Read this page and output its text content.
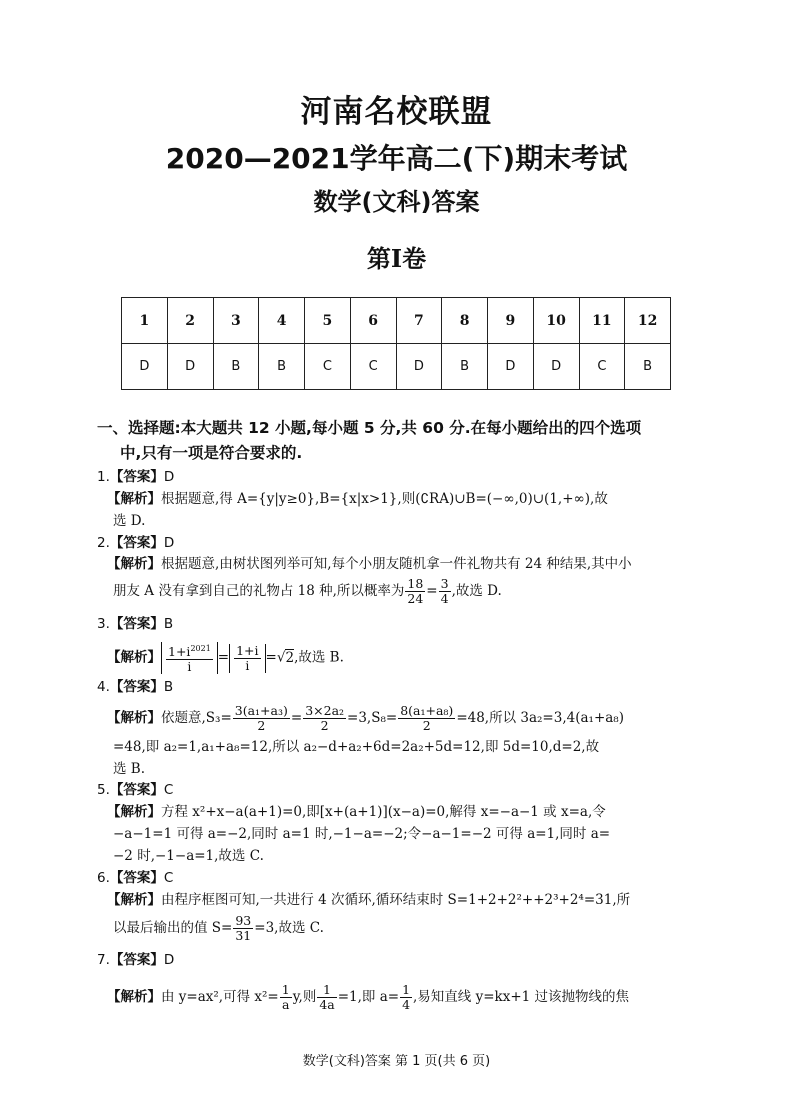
河南名校联盟
2020—2021学年高二(下)期末考试
数学(文科)答案
第I卷
1	2	3	4	5	6	7	8	9	10	11	12
D	D	B	B	C	C	D	B	D	D	C	B
一、选择题:本大题共 12 小题,每小题 5 分,共 60 分.在每小题给出的四个选项
中,只有一项是符合要求的.
1.【答案】D
【解析】根据题意,得 A={y|y≥0},B={x|x>1},则(∁RA)∪B=(−∞,0)∪(1,+∞),故
选 D.
2.【答案】D
【解析】根据题意,由树状图列举可知,每个小朋友随机拿一件礼物共有 24 种结果,其中小
朋友 A 没有拿到自己的礼物占 18 种,所以概率为 $\frac{18}{24} = \frac{3}{4}$ ,故选 D.
3.【答案】B
【解析】 $\frac{1+i^{2021}}{i} = \frac{1+i}{i} =√2$,故选 B.
4.【答案】B
【解析】依题意$,S_3= \frac{\text{3(a₁+a₃)}}{2} = \frac{\text{3×2a₂}}{2} =3,S_8= \frac{\text{8(a₁+a₈)}}{2} =48$,所以 3a₂=3,4(a₁+a₈)
=48,即 a₂=1,a₁+a₈=12,所以 a₂−d+a₂+6d=2a₂+5d=12,即 5d=10,d=2,故
选 B.
5.【答案】C
【解析】方程 x²+x−a(a+1)=0,即[x+(a+1)](x−a)=0,解得 x=−a−1 或 x=a,令
−a−1=1 可得 a=−2,同时 a=1 时,−1−a=−2;令−a−1=−2 可得 a=1,同时 a=
−2 时,−1−a=1,故选 C.
6.【答案】C
【解析】由程序框图可知,一共进行 4 次循环,循环结束时 S=1+2+2²++2³+2⁴=31,所
以最后输出的值 $S= \frac{93}{31} =3$,故选 C.
7.【答案】D
【解析】由 y=ax²,可得 $x^2= \frac{1}{a} y$,则 $\frac{1}{4a} =1$,即 $a= \frac{1}{4}$ ,易知直线 y=kx+1 过该抛物线的焦
数学(文科)答案 第 1 页(共 6 页)
